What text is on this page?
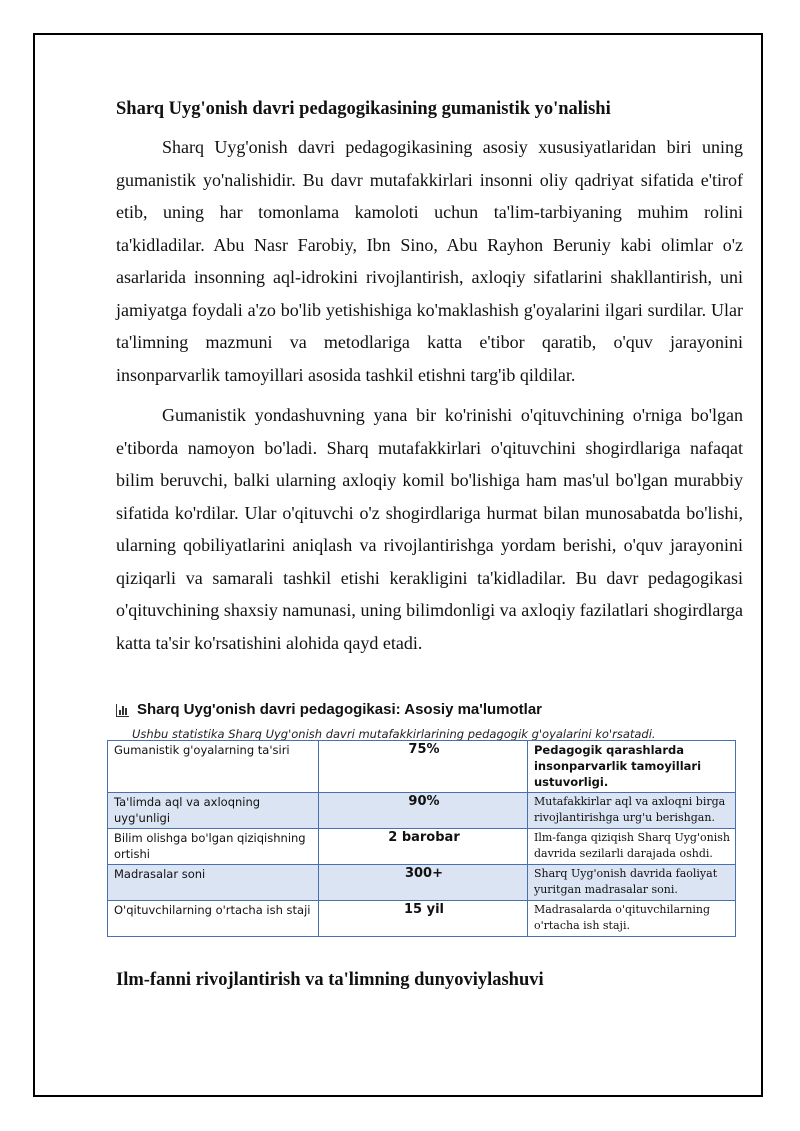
Sharq Uyg'onish davri pedagogikasining gumanistik yo'nalishi

Sharq Uyg'onish davri pedagogikasining asosiy xususiyatlaridan biri uning gumanistik yo'nalishidir. Bu davr mutafakkirlari insonni oliy qadriyat sifatida e'tirof etib, uning har tomonlama kamoloti uchun ta'lim-tarbiyaning muhim rolini ta'kidladilar. Abu Nasr Farobiy, Ibn Sino, Abu Rayhon Beruniy kabi olimlar o'z asarlarida insonning aql-idrokini rivojlantirish, axloqiy sifatlarini shakllantirish, uni jamiyatga foydali a'zo bo'lib yetishishiga ko'maklashish g'oyalarini ilgari surdilar. Ular ta'limning mazmuni va metodlariga katta e'tibor qaratib, o'quv jarayonini insonparvarlik tamoyillari asosida tashkil etishni targ'ib qildilar.

Gumanistik yondashuvning yana bir ko'rinishi o'qituvchining o'rniga bo'lgan e'tiborda namoyon bo'ladi. Sharq mutafakkirlari o'qituvchini shogirdlariga nafaqat bilim beruvchi, balki ularning axloqiy komil bo'lishiga ham mas'ul bo'lgan murabbiy sifatida ko'rdilar. Ular o'qituvchi o'z shogirdlariga hurmat bilan munosabatda bo'lishi, ularning qobiliyatlarini aniqlash va rivojlantirishga yordam berishi, o'quv jarayonini qiziqarli va samarali tashkil etishi kerakligini ta'kidladilar. Bu davr pedagogikasi o'qituvchining shaxsiy namunasi, uning bilimdonligi va axloqiy fazilatlari shogirdlarga katta ta'sir ko'rsatishini alohida qayd etadi.

Sharq Uyg'onish davri pedagogikasi: Asosiy ma'lumotlar
Ushbu statistika Sharq Uyg'onish davri mutafakkirlarining pedagogik g'oyalarini ko'rsatadi.
Gumanistik g'oyalarning ta'siri	75%	Pedagogik qarashlarda insonparvarlik tamoyillari ustuvorligi.
Ta'limda aql va axloqning uyg'unligi	90%	Mutafakkirlar aql va axloqni birga rivojlantirishga urg'u berishgan.
Bilim olishga bo'lgan qiziqishning ortishi	2 barobar	Ilm-fanga qiziqish Sharq Uyg'onish davrida sezilarli darajada oshdi.
Madrasalar soni	300+	Sharq Uyg'onish davrida faoliyat yuritgan madrasalar soni.
O'qituvchilarning o'rtacha ish staji	15 yil	Madrasalarda o'qituvchilarning o'rtacha ish staji.
Ilm-fanni rivojlantirish va ta'limning dunyoviylashuvi
